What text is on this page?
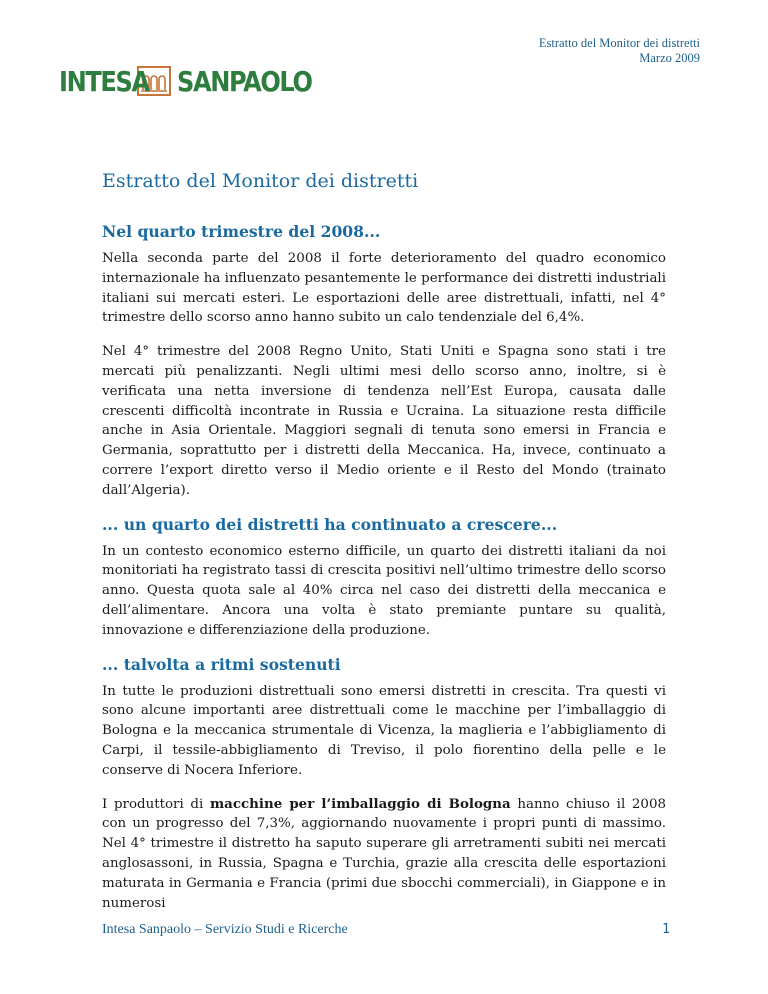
Estratto del Monitor dei distretti
Marzo 2009
INTESA SANPAOLO
Estratto del Monitor dei distretti
Nel quarto trimestre del 2008...

Nella seconda parte del 2008 il forte deterioramento del quadro economico internazionale ha influenzato pesantemente le performance dei distretti industriali italiani sui mercati esteri. Le esportazioni delle aree distrettuali, infatti, nel 4° trimestre dello scorso anno hanno subito un calo tendenziale del 6,4%.

Nel 4° trimestre del 2008 Regno Unito, Stati Uniti e Spagna sono stati i tre mercati più penalizzanti. Negli ultimi mesi dello scorso anno, inoltre, si è verificata una netta inversione di tendenza nell’Est Europa, causata dalle crescenti difficoltà incontrate in Russia e Ucraina. La situazione resta difficile anche in Asia Orientale. Maggiori segnali di tenuta sono emersi in Francia e Germania, soprattutto per i distretti della Meccanica. Ha, invece, continuato a correre l’export diretto verso il Medio oriente e il Resto del Mondo (trainato dall’Algeria).

... un quarto dei distretti ha continuato a crescere...

In un contesto economico esterno difficile, un quarto dei distretti italiani da noi monitoriati ha registrato tassi di crescita positivi nell’ultimo trimestre dello scorso anno. Questa quota sale al 40% circa nel caso dei distretti della meccanica e dell’alimentare. Ancora una volta è stato premiante puntare su qualità, innovazione e differenziazione della produzione.

... talvolta a ritmi sostenuti

In tutte le produzioni distrettuali sono emersi distretti in crescita. Tra questi vi sono alcune importanti aree distrettuali come le macchine per l’imballaggio di Bologna e la meccanica strumentale di Vicenza, la maglieria e l’abbigliamento di Carpi, il tessile-abbigliamento di Treviso, il polo fiorentino della pelle e le conserve di Nocera Inferiore.

I produttori di macchine per l’imballaggio di Bologna hanno chiuso il 2008 con un progresso del 7,3%, aggiornando nuovamente i propri punti di massimo. Nel 4° trimestre il distretto ha saputo superare gli arretramenti subiti nei mercati anglosassoni, in Russia, Spagna e Turchia, grazie alla crescita delle esportazioni maturata in Germania e Francia (primi due sbocchi commerciali), in Giappone e in numerosi

Intesa Sanpaolo – Servizio Studi e Ricerche	1
